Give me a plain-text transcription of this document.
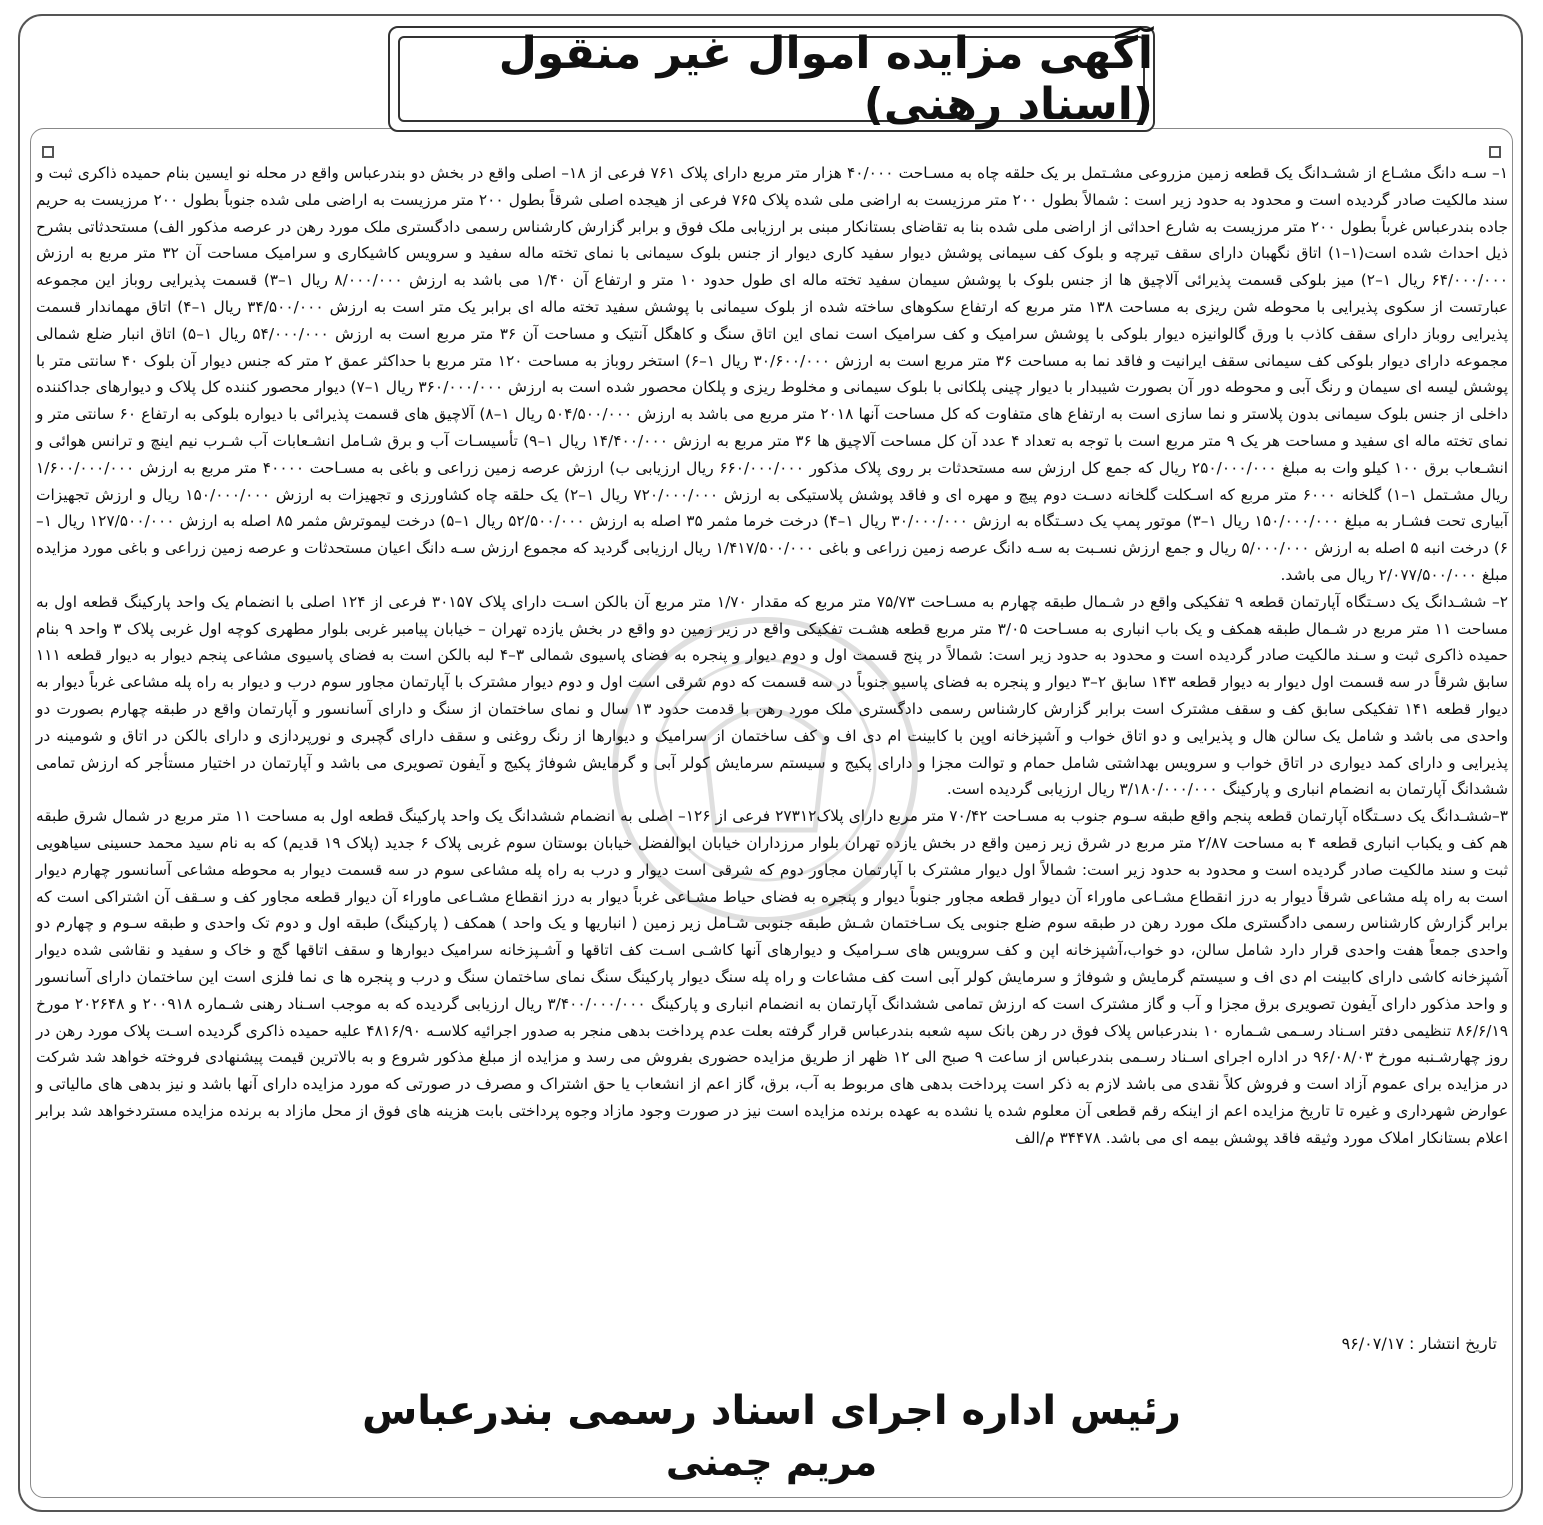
آگهی مزایده اموال غیر منقول (اسناد رهنی)

۱– سـه دانگ مشـاع از ششـدانگ یک قطعه زمین مزروعی مشـتمل بر یک حلقه چاه به مسـاحت ۴۰/۰۰۰ هزار متر مربع دارای پلاک ۷۶۱ فرعی از ۱۸– اصلی واقع در بخش دو بندرعباس واقع در محله نو ایسین بنام حمیده ذاکری ثبت و سند مالکیت صادر گردیده است و محدود به حدود زیر است : شمالاً بطول ۲۰۰ متر مرزیست به اراضی ملی شده پلاک ۷۶۵ فرعی از هیجده اصلی شرقاً بطول ۲۰۰ متر مرزیست به اراضی ملی شده جنوباً بطول ۲۰۰ مرزیست به حریم جاده بندرعباس غرباً بطول ۲۰۰ متر مرزیست به شارع احداثی از اراضی ملی شده بنا به تقاضای بستانکار مبنی بر ارزیابی ملک فوق و برابر گزارش کارشناس رسمی دادگستری ملک مورد رهن در عرصه مذکور الف) مستحدثاتی بشرح ذیل احداث شده است(۱–۱) اتاق نگهبان دارای سقف تیرچه و بلوک کف سیمانی پوشش دیوار سفید کاری دیوار از جنس بلوک سیمانی با نمای تخته ماله سفید و سرویس کاشیکاری و سرامیک مساحت آن ۳۲ متر مربع به ارزش ۶۴/۰۰۰/۰۰۰ ریال ۱–۲) میز بلوکی قسمت پذیرائی آلاچیق ها از جنس بلوک با پوشش سیمان سفید تخته ماله ای طول حدود ۱۰ متر و ارتفاع آن ۱/۴۰ می باشد به ارزش ۸/۰۰۰/۰۰۰ ریال ۱–۳) قسمت پذیرایی روباز این مجموعه عبارتست از سکوی پذیرایی با محوطه شن ریزی به مساحت ۱۳۸ متر مربع که ارتفاع سکوهای ساخته شده از بلوک سیمانی با پوشش سفید تخته ماله ای برابر یک متر است به ارزش ۳۴/۵۰۰/۰۰۰ ریال ۱–۴) اتاق مهماندار قسمت پذیرایی روباز دارای سقف کاذب با ورق گالوانیزه دیوار بلوکی با پوشش سرامیک و کف سرامیک است نمای این اتاق سنگ و کاهگل آنتیک و مساحت آن ۳۶ متر مربع است به ارزش ۵۴/۰۰۰/۰۰۰ ریال ۱–۵) اتاق انبار ضلع شمالی مجموعه دارای دیوار بلوکی کف سیمانی سقف ایرانیت و فاقد نما به مساحت ۳۶ متر مربع است به ارزش ۳۰/۶۰۰/۰۰۰ ریال ۱–۶) استخر روباز به مساحت ۱۲۰ متر مربع با حداکثر عمق ۲ متر که جنس دیوار آن بلوک ۴۰ سانتی متر با پوشش لیسه ای سیمان و رنگ آبی و محوطه دور آن بصورت شیبدار با دیوار چینی پلکانی با بلوک سیمانی و مخلوط ریزی و پلکان محصور شده است به ارزش ۳۶۰/۰۰۰/۰۰۰ ریال ۱–۷) دیوار محصور کننده کل پلاک و دیوارهای جداکننده داخلی از جنس بلوک سیمانی بدون پلاستر و نما سازی است به ارتفاع های متفاوت که کل مساحت آنها ۲۰۱۸ متر مربع می باشد به ارزش ۵۰۴/۵۰۰/۰۰۰ ریال ۱–۸) آلاچیق های قسمت پذیرائی با دیواره بلوکی به ارتفاع ۶۰ سانتی متر و نمای تخته ماله ای سفید و مساحت هر یک ۹ متر مربع است با توجه به تعداد ۴ عدد آن کل مساحت آلاچیق ها ۳۶ متر مربع به ارزش ۱۴/۴۰۰/۰۰۰ ریال ۱–۹) تأسیسـات آب و برق شـامل انشـعابات آب شـرب نیم اینچ و ترانس هوائی و انشـعاب برق ۱۰۰ کیلو وات به مبلغ ۲۵۰/۰۰۰/۰۰۰ ریال که جمع کل ارزش سه مستحدثات بر روی پلاک مذکور ۶۶۰/۰۰۰/۰۰۰ ریال ارزیابی ب) ارزش عرصه زمین زراعی و باغی به مسـاحت ۴۰۰۰۰ متر مربع به ارزش ۱/۶۰۰/۰۰۰/۰۰۰ ریال مشـتمل ۱–۱) گلخانه ۶۰۰۰ متر مربع که اسـکلت گلخانه دسـت دوم پیچ و مهره ای و فاقد پوشش پلاستیکی به ارزش ۷۲۰/۰۰۰/۰۰۰ ریال ۱–۲) یک حلقه چاه کشاورزی و تجهیزات به ارزش ۱۵۰/۰۰۰/۰۰۰ ریال و ارزش تجهیزات آبیاری تحت فشـار به مبلغ ۱۵۰/۰۰۰/۰۰۰ ریال ۱–۳) موتور پمپ یک دسـتگاه به ارزش ۳۰/۰۰۰/۰۰۰ ریال ۱–۴) درخت خرما مثمر ۳۵ اصله به ارزش ۵۲/۵۰۰/۰۰۰ ریال ۱–۵) درخت لیموترش مثمر ۸۵ اصله به ارزش ۱۲۷/۵۰۰/۰۰۰ ریال ۱–۶) درخت انبه ۵ اصله به ارزش ۵/۰۰۰/۰۰۰ ریال و جمع ارزش نسـبت به سـه دانگ عرصه زمین زراعی و باغی ۱/۴۱۷/۵۰۰/۰۰۰ ریال ارزیابی گردید که مجموع ارزش سـه دانگ اعیان مستحدثات و عرصه زمین زراعی و باغی مورد مزایده مبلغ ۲/۰۷۷/۵۰۰/۰۰۰ ریال می باشد.

۲– ششـدانگ یک دسـتگاه آپارتمان قطعه ۹ تفکیکی واقع در شـمال طبقه چهارم به مسـاحت ۷۵/۷۳ متر مربع که مقدار ۱/۷۰ متر مربع آن بالکن اسـت دارای پلاک ۳۰۱۵۷ فرعی از ۱۲۴ اصلی با انضمام یک واحد پارکینگ قطعه اول به مساحت ۱۱ متر مربع در شـمال طبقه همکف و یک باب انباری به مسـاحت ۳/۰۵ متر مربع قطعه هشـت تفکیکی واقع در زیر زمین دو واقع در بخش یازده تهران – خیابان پیامبر غربی بلوار مطهری کوچه اول غربی پلاک ۳ واحد ۹ بنام حمیده ذاکری ثبت و سـند مالکیت صادر گردیده است و محدود به حدود زیر است: شمالاً در پنج قسمت اول و دوم دیوار و پنجره به فضای پاسیوی شمالی ۳–۴ لبه بالکن است به فضای پاسیوی مشاعی پنجم دیوار به دیوار قطعه ۱۱۱ سابق شرقاً در سه قسمت اول دیوار به دیوار قطعه ۱۴۳ سابق ۲–۳ دیوار و پنجره به فضای پاسیو جنوباً در سه قسمت که دوم شرقی است اول و دوم دیوار مشترک با آپارتمان مجاور سوم درب و دیوار به راه پله مشاعی غرباً دیوار به دیوار قطعه ۱۴۱ تفکیکی سابق کف و سقف مشترک است برابر گزارش کارشناس رسمی دادگستری ملک مورد رهن با قدمت حدود ۱۳ سال و نمای ساختمان از سنگ و دارای آسانسور و آپارتمان واقع در طبقه چهارم بصورت دو واحدی می باشد و شامل یک سالن هال و پذیرایی و دو اتاق خواب و آشپزخانه اوپن با کابینت ام دی اف و کف ساختمان از سرامیک و دیوارها از رنگ روغنی و سقف دارای گچبری و نورپردازی و دارای بالکن در اتاق و شومینه در پذیرایی و دارای کمد دیواری در اتاق خواب و سرویس بهداشتی شامل حمام و توالت مجزا و دارای پکیج و سیستم سرمایش کولر آبی و گرمایش شوفاژ پکیج و آیفون تصویری می باشد و آپارتمان در اختیار مستأجر که ارزش تمامی ششدانگ آپارتمان به انضمام انباری و پارکینگ ۳/۱۸۰/۰۰۰/۰۰۰ ریال ارزیابی گردیده است.

۳–ششـدانگ یک دسـتگاه آپارتمان قطعه پنجم واقع طبقه سـوم جنوب به مسـاحت ۷۰/۴۲ متر مربع دارای پلاک۲۷۳۱۲ فرعی از ۱۲۶– اصلی به انضمام ششدانگ یک واحد پارکینگ قطعه اول به مساحت ۱۱ متر مربع در شمال شرق طبقه هم کف و یکباب انباری قطعه ۴ به مساحت ۲/۸۷ متر مربع در شرق زیر زمین واقع در بخش یازده تهران بلوار مرزداران خیابان ابوالفضل خیابان بوستان سوم غربی پلاک ۶ جدید (پلاک ۱۹ قدیم) که به نام سید محمد حسینی سیاهویی ثبت و سند مالکیت صادر گردیده است و محدود به حدود زیر است: شمالاً اول دیوار مشترک با آپارتمان مجاور دوم که شرقی است دیوار و درب به راه پله مشاعی سوم در سه قسمت دیوار به محوطه مشاعی آسانسور چهارم دیوار است به راه پله مشاعی شرقاً دیوار به درز انقطاع مشـاعی ماوراء آن دیوار قطعه مجاور جنوباً دیوار و پنجره به فضای حیاط مشـاعی غرباً دیوار به درز انقطاع مشـاعی ماوراء آن دیوار قطعه مجاور کف و سـقف آن اشتراکی است که برابر گزارش کارشناس رسمی دادگستری ملک مورد رهن در طبقه سوم ضلع جنوبی یک سـاختمان شـش طبقه جنوبی شـامل زیر زمین ( انباریها و یک واحد ) همکف ( پارکینگ) طبقه اول و دوم تک واحدی و طبقه سـوم و چهارم دو واحدی جمعاً هفت واحدی قرار دارد شامل سالن، دو خواب،آشپزخانه اپن و کف سرویس های سـرامیک و دیوارهای آنها کاشـی اسـت کف اتاقها و آشـپزخانه سرامیک دیوارها و سقف اتاقها گچ و خاک و سفید و نقاشی شده دیوار آشپزخانه کاشی دارای کابینت ام دی اف و سیستم گرمایش و شوفاژ و سرمایش کولر آبی است کف مشاعات و راه پله سنگ دیوار پارکینگ سنگ نمای ساختمان سنگ و درب و پنجره ها ی نما فلزی است این ساختمان دارای آسانسور و واحد مذکور دارای آیفون تصویری برق مجزا و آب و گاز مشترک است که ارزش تمامی ششدانگ آپارتمان به انضمام انباری و پارکینگ ۳/۴۰۰/۰۰۰/۰۰۰ ریال ارزیابی گردیده که به موجب اسـناد رهنی شـماره ۲۰۰۹۱۸ و ۲۰۲۶۴۸ مورخ ۸۶/۶/۱۹ تنظیمی دفتر اسـناد رسـمی شـماره ۱۰ بندرعباس پلاک فوق در رهن بانک سپه شعبه بندرعباس قرار گرفته بعلت عدم پرداخت بدهی منجر به صدور اجرائیه کلاسـه ۴۸۱۶/۹۰ علیه حمیده ذاکری گردیده اسـت پلاک مورد رهن در روز چهارشـنبه مورخ ۹۶/۰۸/۰۳ در اداره اجرای اسـناد رسـمی بندرعباس از ساعت ۹ صبح الی ۱۲ ظهر از طریق مزایده حضوری بفروش می رسد و مزایده از مبلغ مذکور شروع و به بالاترین قیمت پیشنهادی فروخته خواهد شد شرکت در مزایده برای عموم آزاد است و فروش کلاً نقدی می باشد لازم به ذکر است پرداخت بدهی های مربوط به آب، برق، گاز اعم از انشعاب یا حق اشتراک و مصرف در صورتی که مورد مزایده دارای آنها باشد و نیز بدهی های مالیاتی و عوارض شهرداری و غیره تا تاریخ مزایده اعم از اینکه رقم قطعی آن معلوم شده یا نشده به عهده برنده مزایده است نیز در صورت وجود مازاد وجوه پرداختی بابت هزینه های فوق از محل مازاد به برنده مزایده مستردخواهد شد برابر اعلام بستانکار املاک مورد وثیقه فاقد پوشش بیمه ای می باشد. ۳۴۴۷۸ م/الف

تاریخ انتشار : ۹۶/۰۷/۱۷

رئیس اداره اجرای اسناد رسمی بندرعباس

مریم چمنی
